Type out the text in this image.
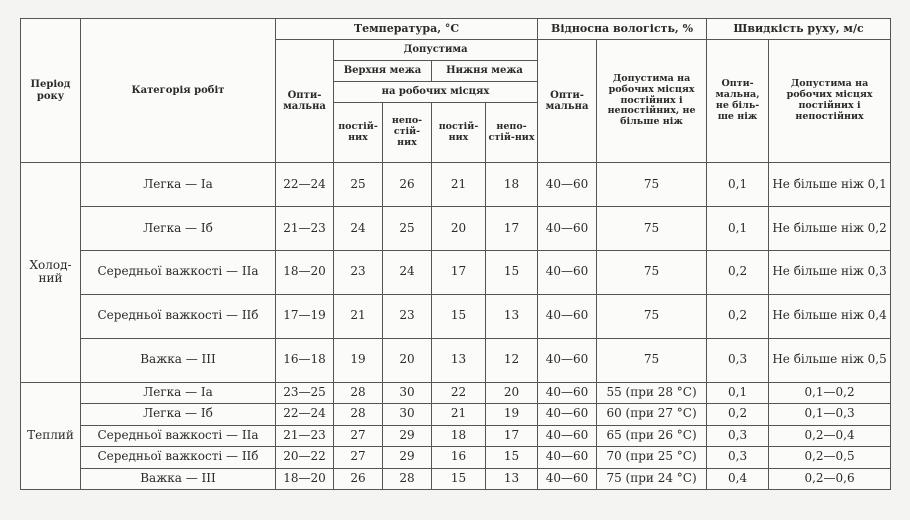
Період року	Категорія робіт	Температура, °С					Відносна вологість, %		Швидкість руху, м/с	
		Опти-мальна	Допустима				Опти-мальна	Допустима на робочих місцях постійних і непостійних, не більше ніж	Опти-мальна, не біль-ше ніж	Допустима на робочих місцях постійних і непостійних
			Верхня межа		Нижня межа					
			на робочих місцях							
			постій-них	непо-стій-них	постій-них	непо-стій-них				
Холод-ний	Легка — Іа	22—24	25	26	21	18	40—60	75	0,1	Не більше ніж 0,1
	Легка — Іб	21—23	24	25	20	17	40—60	75	0,1	Не більше ніж 0,2
	Середньої важкості — ІІа	18—20	23	24	17	15	40—60	75	0,2	Не більше ніж 0,3
	Середньої важкості — ІІб	17—19	21	23	15	13	40—60	75	0,2	Не більше ніж 0,4
	Важка — ІІІ	16—18	19	20	13	12	40—60	75	0,3	Не більше ніж 0,5
Теплий	Легка — Іа	23—25	28	30	22	20	40—60	55 (при 28 °С)	0,1	0,1—0,2
	Легка — Іб	22—24	28	30	21	19	40—60	60 (при 27 °С)	0,2	0,1—0,3
	Середньої важкості — ІІа	21—23	27	29	18	17	40—60	65 (при 26 °С)	0,3	0,2—0,4
	Середньої важкості — ІІб	20—22	27	29	16	15	40—60	70 (при 25 °С)	0,3	0,2—0,5
	Важка — ІІІ	18—20	26	28	15	13	40—60	75 (при 24 °С)	0,4	0,2—0,6
